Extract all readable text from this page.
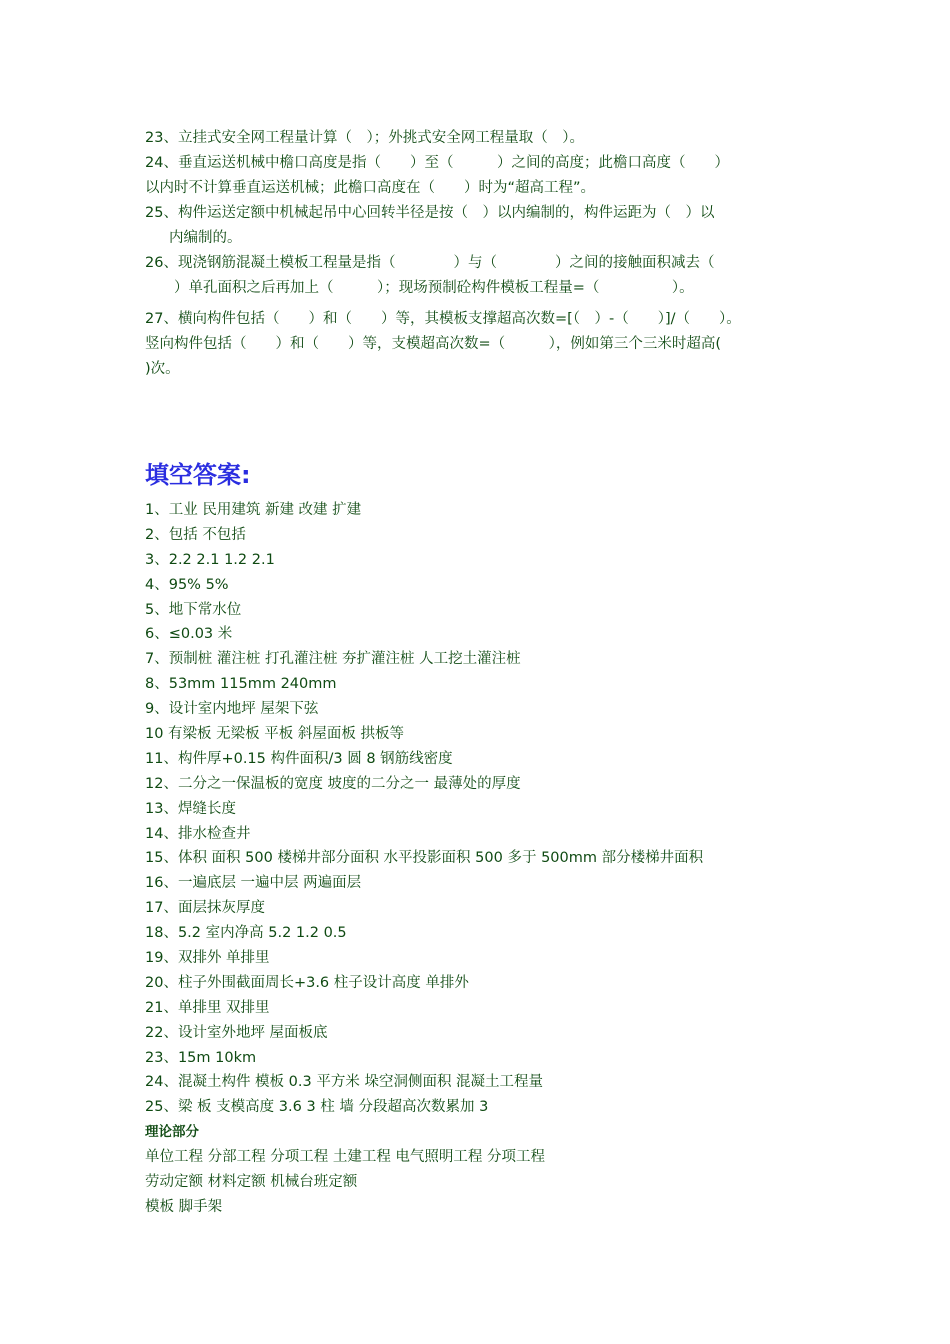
23、立挂式安全网工程量计算（　）；外挑式安全网工程量取（　）。
24、垂直运送机械中檐口高度是指（　　）至（　　　）之间的高度；此檐口高度（　　）
以内时不计算垂直运送机械；此檐口高度在（　　）时为“超高工程”。
25、构件运送定额中机械起吊中心回转半径是按（　）以内编制的，构件运距为（　）以
内编制的。
26、现浇钢筋混凝土模板工程量是指（　　　　）与（　　　　）之间的接触面积减去（
　　）单孔面积之后再加上（　　　）；现场预制砼构件模板工程量=（　　　　　）。
27、横向构件包括（　　）和（　　）等，其模板支撑超高次数=[（　）-（　　）]/（　　）。
竖向构件包括（　　）和（　　）等，支模超高次数=（　　　），例如第三个三米时超高(
)次。
填空答案:
1、工业 民用建筑 新建 改建 扩建
2、包括 不包括
3、2.2 2.1 1.2 2.1
4、95% 5%
5、地下常水位
6、≤0.03 米
7、预制桩 灌注桩 打孔灌注桩 夯扩灌注桩 人工挖土灌注桩
8、53mm 115mm 240mm
9、设计室内地坪 屋架下弦
10 有梁板 无梁板 平板 斜屋面板 拱板等
11、构件厚+0.15 构件面积/3 圆 8 钢筋线密度
12、二分之一保温板的宽度 坡度的二分之一 最薄处的厚度
13、焊缝长度
14、排水检查井
15、体积 面积 500 楼梯井部分面积 水平投影面积 500 多于 500mm 部分楼梯井面积
16、一遍底层 一遍中层 两遍面层
17、面层抹灰厚度
18、5.2 室内净高 5.2 1.2 0.5
19、双排外 单排里
20、柱子外围截面周长+3.6 柱子设计高度 单排外
21、单排里 双排里
22、设计室外地坪 屋面板底
23、15m 10km
24、混凝土构件 模板 0.3 平方米 垛空洞侧面积 混凝土工程量
25、梁 板 支模高度 3.6 3 柱 墙 分段超高次数累加 3
理论部分
单位工程 分部工程 分项工程 土建工程 电气照明工程 分项工程
劳动定额 材料定额 机械台班定额
模板 脚手架
